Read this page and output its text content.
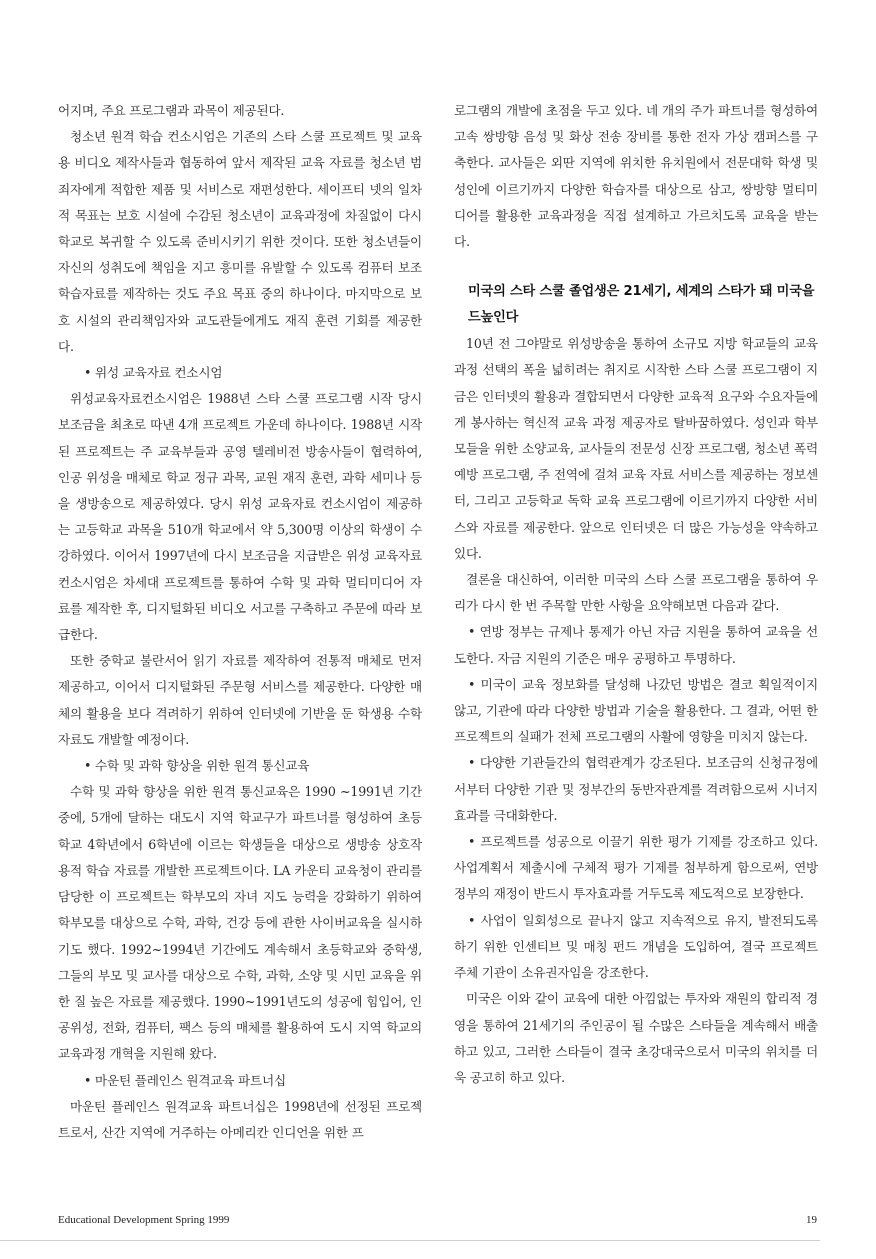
어지며, 주요 프로그램과 과목이 제공된다.

청소년 원격 학습 컨소시엄은 기존의 스타 스쿨 프로젝트 및 교육용 비디오 제작사들과 협동하여 앞서 제작된 교육 자료를 청소년 범죄자에게 적합한 제품 및 서비스로 재편성한다. 세이프티 넷의 일차적 목표는 보호 시설에 수감된 청소년이 교육과정에 차질없이 다시 학교로 복귀할 수 있도록 준비시키기 위한 것이다. 또한 청소년들이 자신의 성취도에 책임을 지고 흥미를 유발할 수 있도록 컴퓨터 보조학습자료를 제작하는 것도 주요 목표 중의 하나이다. 마지막으로 보호 시설의 관리책임자와 교도관들에게도 재직 훈련 기회를 제공한다.

• 위성 교육자료 컨소시엄

위성교육자료컨소시엄은 1988년 스타 스쿨 프로그램 시작 당시 보조금을 최초로 따낸 4개 프로젝트 가운데 하나이다. 1988년 시작된 프로젝트는 주 교육부들과 공영 텔레비전 방송사들이 협력하여, 인공 위성을 매체로 학교 정규 과목, 교원 재직 훈련, 과학 세미나 등을 생방송으로 제공하였다. 당시 위성 교육자료 컨소시엄이 제공하는 고등학교 과목을 510개 학교에서 약 5,300명 이상의 학생이 수강하였다. 이어서 1997년에 다시 보조금을 지급받은 위성 교육자료 컨소시엄은 차세대 프로젝트를 통하여 수학 및 과학 멀티미디어 자료를 제작한 후, 디지털화된 비디오 서고를 구축하고 주문에 따라 보급한다.

또한 중학교 불란서어 읽기 자료를 제작하여 전통적 매체로 먼저 제공하고, 이어서 디지털화된 주문형 서비스를 제공한다. 다양한 매체의 활용을 보다 격려하기 위하여 인터넷에 기반을 둔 학생용 수학 자료도 개발할 예정이다.

• 수학 및 과학 향상을 위한 원격 통신교육

수학 및 과학 향상을 위한 원격 통신교육은 1990 ~1991년 기간 중에, 5개에 달하는 대도시 지역 학교구가 파트너를 형성하여 초등학교 4학년에서 6학년에 이르는 학생들을 대상으로 생방송 상호작용적 학습 자료를 개발한 프로젝트이다. LA 카운티 교육청이 관리를 담당한 이 프로젝트는 학부모의 자녀 지도 능력을 강화하기 위하여 학부모를 대상으로 수학, 과학, 건강 등에 관한 사이버교육을 실시하기도 했다. 1992~1994년 기간에도 계속해서 초등학교와 중학생, 그들의 부모 및 교사를 대상으로 수학, 과학, 소양 및 시민 교육을 위한 질 높은 자료를 제공했다. 1990~1991년도의 성공에 힘입어, 인공위성, 전화, 컴퓨터, 팩스 등의 매체를 활용하여 도시 지역 학교의 교육과정 개혁을 지원해 왔다.

• 마운틴 플레인스 원격교육 파트너십

마운틴 플레인스 원격교육 파트너십은 1998년에 선정된 프로젝트로서, 산간 지역에 거주하는 아메리칸 인디언을 위한 프

로그램의 개발에 초점을 두고 있다. 네 개의 주가 파트너를 형성하여 고속 쌍방향 음성 및 화상 전송 장비를 통한 전자 가상 캠퍼스를 구축한다. 교사들은 외딴 지역에 위치한 유치원에서 전문대학 학생 및 성인에 이르기까지 다양한 학습자를 대상으로 삼고, 쌍방향 멀티미디어를 활용한 교육과정을 직접 설계하고 가르치도록 교육을 받는다.

미국의 스타 스쿨 졸업생은 21세기, 세계의 스타가 돼 미국을 드높인다

10년 전 그야말로 위성방송을 통하여 소규모 지방 학교들의 교육과정 선택의 폭을 넓히려는 취지로 시작한 스타 스쿨 프로그램이 지금은 인터넷의 활용과 결합되면서 다양한 교육적 요구와 수요자들에게 봉사하는 혁신적 교육 과정 제공자로 탈바꿈하였다. 성인과 학부모들을 위한 소양교육, 교사들의 전문성 신장 프로그램, 청소년 폭력예방 프로그램, 주 전역에 걸쳐 교육 자료 서비스를 제공하는 정보센터, 그리고 고등학교 독학 교육 프로그램에 이르기까지 다양한 서비스와 자료를 제공한다. 앞으로 인터넷은 더 많은 가능성을 약속하고 있다.

결론을 대신하여, 이러한 미국의 스타 스쿨 프로그램을 통하여 우리가 다시 한 번 주목할 만한 사항을 요약해보면 다음과 같다.

• 연방 정부는 규제나 통제가 아닌 자금 지원을 통하여 교육을 선도한다. 자금 지원의 기준은 매우 공평하고 투명하다.

• 미국이 교육 정보화를 달성해 나갔던 방법은 결코 획일적이지 않고, 기관에 따라 다양한 방법과 기술을 활용한다. 그 결과, 어떤 한 프로젝트의 실패가 전체 프로그램의 사활에 영향을 미치지 않는다.

• 다양한 기관들간의 협력관계가 강조된다. 보조금의 신청규정에서부터 다양한 기관 및 정부간의 동반자관계를 격려함으로써 시너지 효과를 극대화한다.

• 프로젝트를 성공으로 이끌기 위한 평가 기제를 강조하고 있다. 사업계획서 제출시에 구체적 평가 기제를 첨부하게 함으로써, 연방 정부의 재정이 반드시 투자효과를 거두도록 제도적으로 보장한다.

• 사업이 일회성으로 끝나지 않고 지속적으로 유지, 발전되도록 하기 위한 인센티브 및 매칭 펀드 개념을 도입하여, 결국 프로젝트 주체 기관이 소유권자임을 강조한다.

미국은 이와 같이 교육에 대한 아낌없는 투자와 재원의 합리적 경영을 통하여 21세기의 주인공이 될 수많은 스타들을 계속해서 배출하고 있고, 그러한 스타들이 결국 초강대국으로서 미국의 위치를 더욱 공고히 하고 있다.

Educational Development Spring 1999	19
